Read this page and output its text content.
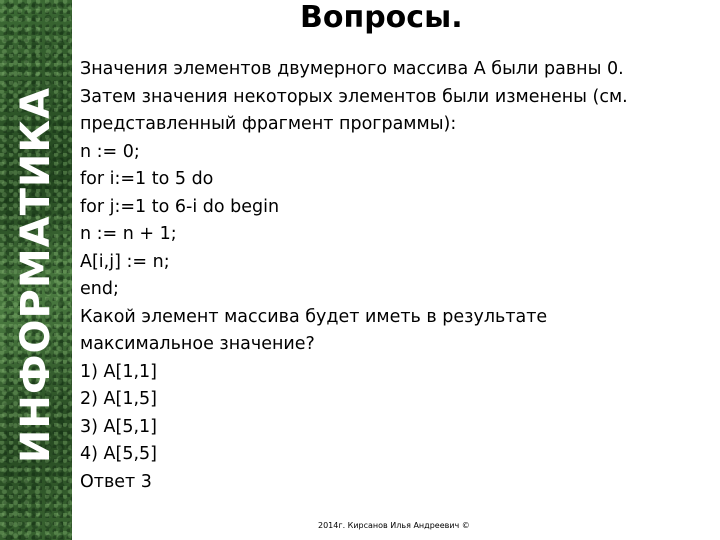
ИНФОРМАТИКА
Вопросы.
Значения элементов двумерного массива A были равны 0.
Затем значения некоторых элементов были изменены (см.
представленный фрагмент программы):
n := 0;
for i:=1 to 5 do
for j:=1 to 6-i do begin
n := n + 1;
A[i,j] := n;
end;
Какой элемент массива будет иметь в результате
максимальное значение?
1) A[1,1]
2) A[1,5]
3) A[5,1]
4) A[5,5]
Ответ 3
2014г. Кирсанов Илья Андреевич ©
